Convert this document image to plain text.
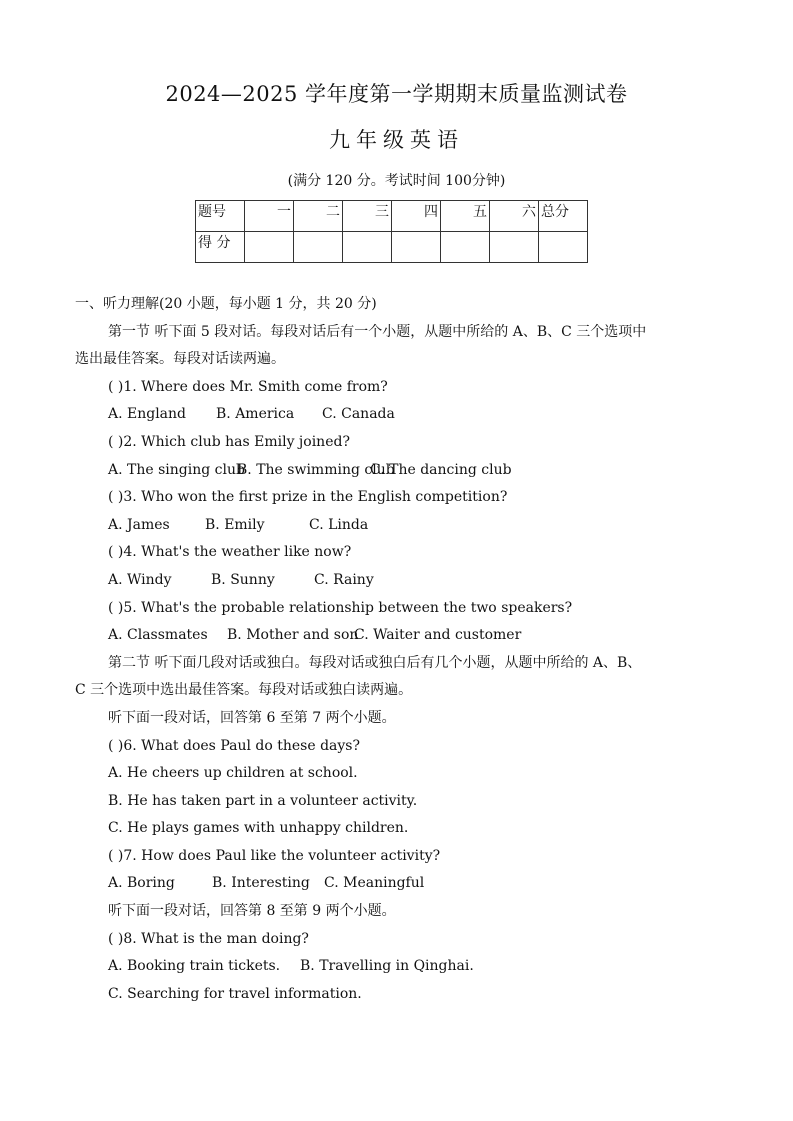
2024—2025 学年度第一学期期末质量监测试卷
九年级英语
(满分 120 分。考试时间 100分钟)
题号	一	二	三	四	五	六	总分
得 分							
一、听力理解(20 小题，每小题 1 分，共 20 分)
第一节 听下面 5 段对话。每段对话后有一个小题，从题中所给的 A、B、C 三个选项中
选出最佳答案。每段对话读两遍。
( )1. Where does Mr. Smith come from?
A. England B. America C. Canada
( )2. Which club has Emily joined?
A. The singing clubB. The swimming clubC. The dancing club
( )3. Who won the first prize in the English competition?
A. James	B. Emily	C. Linda
( )4. What's the weather like now?
A. Windy	B. Sunny	C. Rainy
( )5. What's the probable relationship between the two speakers?
A. Classmates B. Mother and sonC. Waiter and customer
第二节 听下面几段对话或独白。每段对话或独白后有几个小题，从题中所给的 A、B、
C 三个选项中选出最佳答案。每段对话或独白读两遍。
听下面一段对话，回答第 6 至第 7 两个小题。
( )6. What does Paul do these days?
A. He cheers up children at school.
B. He has taken part in a volunteer activity.
C. He plays games with unhappy children.
( )7. How does Paul like the volunteer activity?
A. Boring	B. Interesting C. Meaningful
听下面一段对话，回答第 8 至第 9 两个小题。
( )8. What is the man doing?
A. Booking train tickets. B. Travelling in Qinghai.
C. Searching for travel information.
